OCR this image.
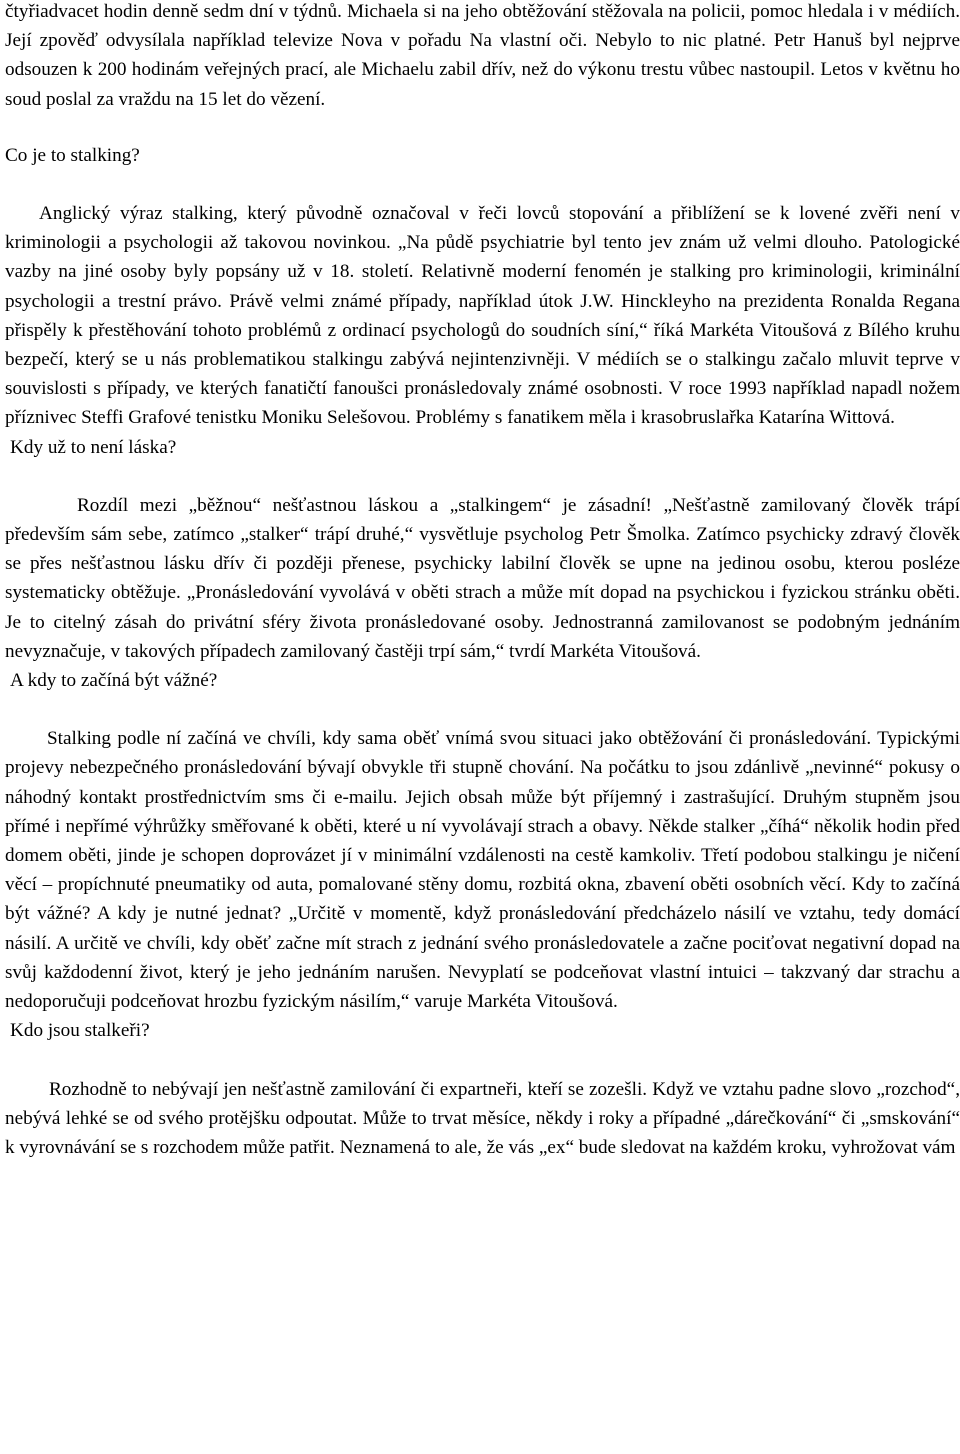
čtyřiadvacet hodin denně sedm dní v týdnů. Michaela si na jeho obtěžování stěžovala na policii, pomoc hledala i v médiích. Její zpověď odvysílala například televize Nova v pořadu Na vlastní oči. Nebylo to nic platné. Petr Hanuš byl nejprve odsouzen k 200 hodinám veřejných prací, ale Michaelu zabil dřív, než do výkonu trestu vůbec nastoupil. Letos v květnu ho soud poslal za vraždu na 15 let do vězení.

Co je to stalking?

Anglický výraz stalking, který původně označoval v řeči lovců stopování a přiblížení se k lovené zvěři není v kriminologii a psychologii až takovou novinkou. „Na půdě psychiatrie byl tento jev znám už velmi dlouho. Patologické vazby na jiné osoby byly popsány už v 18. století. Relativně moderní fenomén je stalking pro kriminologii, kriminální psychologii a trestní právo. Právě velmi známé případy, například útok J.W. Hinckleyho na prezidenta Ronalda Regana přispěly k přestěhování tohoto problémů z ordinací psychologů do soudních síní,“ říká Markéta Vitoušová z Bílého kruhu bezpečí, který se u nás problematikou stalkingu zabývá nejintenzivněji. V médiích se o stalkingu začalo mluvit teprve v souvislosti s případy, ve kterých fanatičtí fanoušci pronásledovaly známé osobnosti. V roce 1993 například napadl nožem příznivec Steffi Grafové tenistku Moniku Selešovou. Problémy s fanatikem měla i krasobruslařka Katarína Wittová.

Kdy už to není láska?

Rozdíl mezi „běžnou“ nešťastnou láskou a „stalkingem“ je zásadní! „Nešťastně zamilovaný člověk trápí především sám sebe, zatímco „stalker“ trápí druhé,“ vysvětluje psycholog Petr Šmolka. Zatímco psychicky zdravý člověk se přes nešťastnou lásku dřív či později přenese, psychicky labilní člověk se upne na jedinou osobu, kterou posléze systematicky obtěžuje. „Pronásledování vyvolává v oběti strach a může mít dopad na psychickou i fyzickou stránku oběti. Je to citelný zásah do privátní sféry života pronásledované osoby. Jednostranná zamilovanost se podobným jednáním nevyznačuje, v takových případech zamilovaný častěji trpí sám,“ tvrdí Markéta Vitoušová.

A kdy to začíná být vážné?

Stalking podle ní začíná ve chvíli, kdy sama oběť vnímá svou situaci jako obtěžování či pronásledování. Typickými projevy nebezpečného pronásledování bývají obvykle tři stupně chování. Na počátku to jsou zdánlivě „nevinné“ pokusy o náhodný kontakt prostřednictvím sms či e-mailu. Jejich obsah může být příjemný i zastrašující. Druhým stupněm jsou přímé i nepřímé výhrůžky směřované k oběti, které u ní vyvolávají strach a obavy. Někde stalker „číhá“ několik hodin před domem oběti, jinde je schopen doprovázet jí v minimální vzdálenosti na cestě kamkoliv. Třetí podobou stalkingu je ničení věcí – propíchnuté pneumatiky od auta, pomalované stěny domu, rozbitá okna, zbavení oběti osobních věcí. Kdy to začíná být vážné? A kdy je nutné jednat? „Určitě v momentě, když pronásledování předcházelo násilí ve vztahu, tedy domácí násilí. A určitě ve chvíli, kdy oběť začne mít strach z jednání svého pronásledovatele a začne pociťovat negativní dopad na svůj každodenní život, který je jeho jednáním narušen. Nevyplatí se podceňovat vlastní intuici – takzvaný dar strachu a nedoporučuji podceňovat hrozbu fyzickým násilím,“ varuje Markéta Vitoušová.

Kdo jsou stalkeři?

Rozhodně to nebývají jen nešťastně zamilování či expartneři, kteří se zozešli. Když ve vztahu padne slovo „rozchod“, nebývá lehké se od svého protějšku odpoutat. Může to trvat měsíce, někdy i roky a případné „dárečkování“ či „smskování“ k vyrovnávání se s rozchodem může patřit. Neznamená to ale, že vás „ex“ bude sledovat na každém kroku, vyhrožovat vám
